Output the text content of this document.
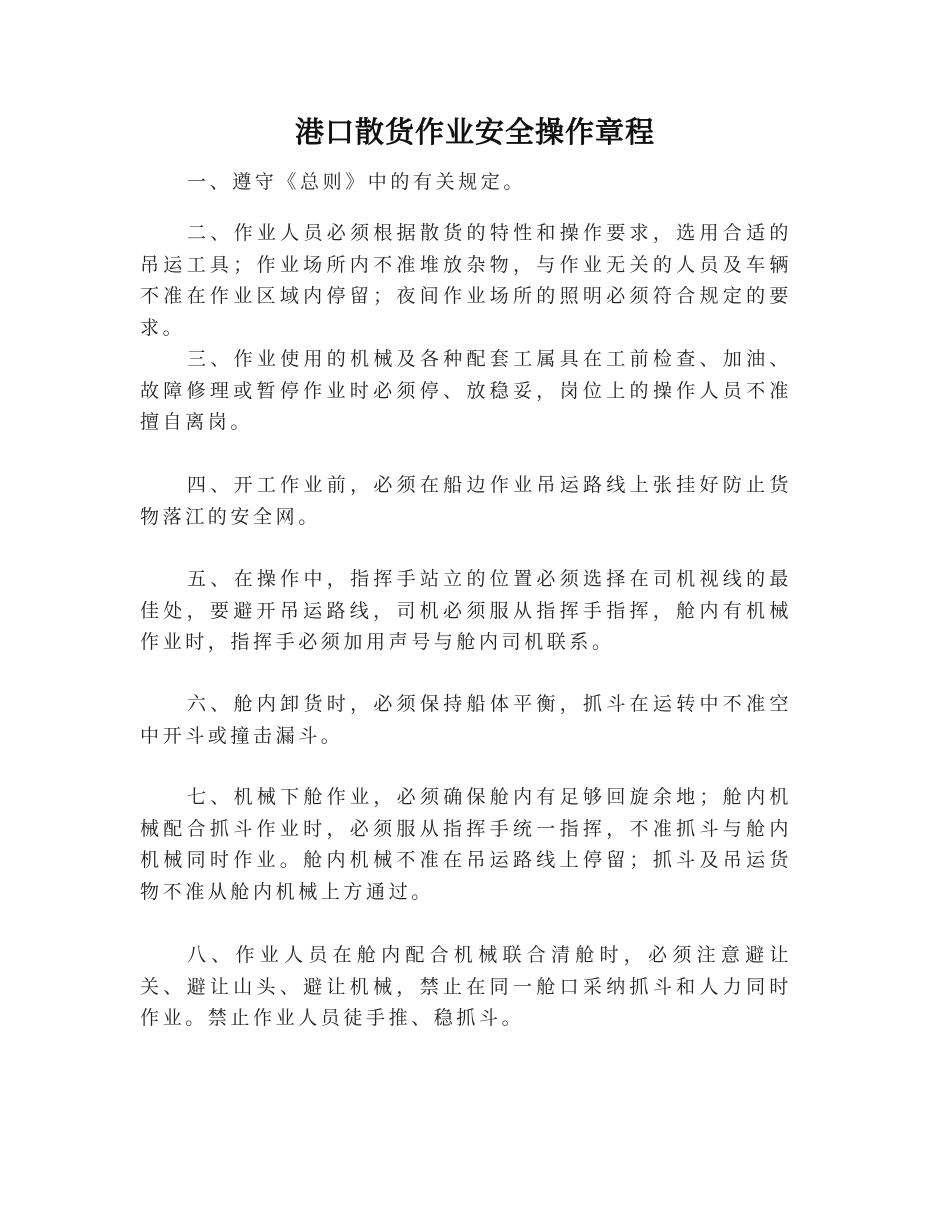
港口散货作业安全操作章程

一、遵守《总则》中的有关规定。

二、作业人员必须根据散货的特性和操作要求，选用合适的吊运工具；作业场所内不准堆放杂物，与作业无关的人员及车辆不准在作业区域内停留；夜间作业场所的照明必须符合规定的要求。

三、作业使用的机械及各种配套工属具在工前检查、加油、故障修理或暂停作业时必须停、放稳妥，岗位上的操作人员不准擅自离岗。

四、开工作业前，必须在船边作业吊运路线上张挂好防止货物落江的安全网。

五、在操作中，指挥手站立的位置必须选择在司机视线的最佳处，要避开吊运路线，司机必须服从指挥手指挥，舱内有机械作业时，指挥手必须加用声号与舱内司机联系。

六、舱内卸货时，必须保持船体平衡，抓斗在运转中不准空中开斗或撞击漏斗。

七、机械下舱作业，必须确保舱内有足够回旋余地；舱内机械配合抓斗作业时，必须服从指挥手统一指挥，不准抓斗与舱内机械同时作业。舱内机械不准在吊运路线上停留；抓斗及吊运货物不准从舱内机械上方通过。

八、作业人员在舱内配合机械联合清舱时，必须注意避让关、避让山头、避让机械，禁止在同一舱口采纳抓斗和人力同时作业。禁止作业人员徒手推、稳抓斗。
